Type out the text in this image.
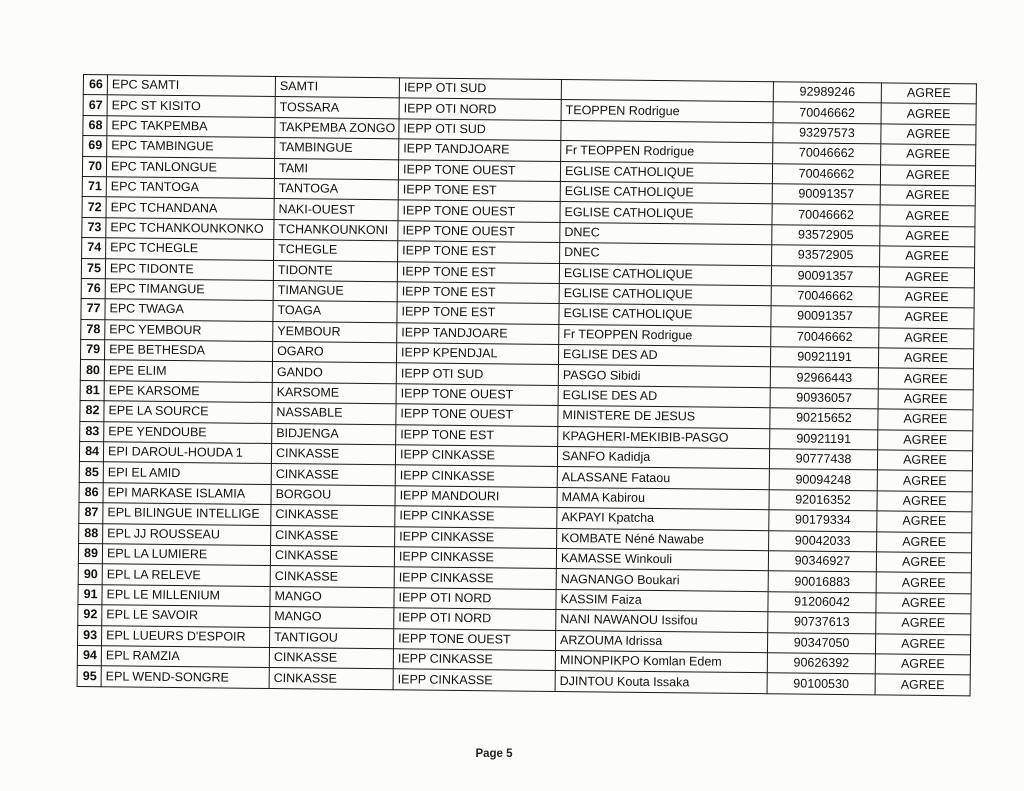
66	EPC SAMTI	SAMTI	IEPP OTI SUD		92989246	AGREE
67	EPC ST KISITO	TOSSARA	IEPP OTI NORD	TEOPPEN Rodrigue	70046662	AGREE
68	EPC TAKPEMBA	TAKPEMBA ZONGO	IEPP OTI SUD		93297573	AGREE
69	EPC TAMBINGUE	TAMBINGUE	IEPP TANDJOARE	Fr TEOPPEN Rodrigue	70046662	AGREE
70	EPC TANLONGUE	TAMI	IEPP TONE OUEST	EGLISE CATHOLIQUE	70046662	AGREE
71	EPC TANTOGA	TANTOGA	IEPP TONE EST	EGLISE CATHOLIQUE	90091357	AGREE
72	EPC TCHANDANA	NAKI-OUEST	IEPP TONE OUEST	EGLISE CATHOLIQUE	70046662	AGREE
73	EPC TCHANKOUNKONKO	TCHANKOUNKONI	IEPP TONE OUEST	DNEC	93572905	AGREE
74	EPC TCHEGLE	TCHEGLE	IEPP TONE EST	DNEC	93572905	AGREE
75	EPC TIDONTE	TIDONTE	IEPP TONE EST	EGLISE CATHOLIQUE	90091357	AGREE
76	EPC TIMANGUE	TIMANGUE	IEPP TONE EST	EGLISE CATHOLIQUE	70046662	AGREE
77	EPC TWAGA	TOAGA	IEPP TONE EST	EGLISE CATHOLIQUE	90091357	AGREE
78	EPC YEMBOUR	YEMBOUR	IEPP TANDJOARE	Fr TEOPPEN Rodrigue	70046662	AGREE
79	EPE BETHESDA	OGARO	IEPP KPENDJAL	EGLISE DES AD	90921191	AGREE
80	EPE ELIM	GANDO	IEPP OTI SUD	PASGO Sibidi	92966443	AGREE
81	EPE KARSOME	KARSOME	IEPP TONE OUEST	EGLISE DES AD	90936057	AGREE
82	EPE LA SOURCE	NASSABLE	IEPP TONE OUEST	MINISTERE DE JESUS	90215652	AGREE
83	EPE YENDOUBE	BIDJENGA	IEPP TONE EST	KPAGHERI-MEKIBIB-PASGO	90921191	AGREE
84	EPI DAROUL-HOUDA 1	CINKASSE	IEPP CINKASSE	SANFO Kadidja	90777438	AGREE
85	EPI EL AMID	CINKASSE	IEPP CINKASSE	ALASSANE Fataou	90094248	AGREE
86	EPI MARKASE ISLAMIA	BORGOU	IEPP MANDOURI	MAMA Kabirou	92016352	AGREE
87	EPL BILINGUE INTELLIGE	CINKASSE	IEPP CINKASSE	AKPAYI Kpatcha	90179334	AGREE
88	EPL JJ ROUSSEAU	CINKASSE	IEPP CINKASSE	KOMBATE Néné Nawabe	90042033	AGREE
89	EPL LA LUMIERE	CINKASSE	IEPP CINKASSE	KAMASSE Winkouli	90346927	AGREE
90	EPL LA RELEVE	CINKASSE	IEPP CINKASSE	NAGNANGO Boukari	90016883	AGREE
91	EPL LE MILLENIUM	MANGO	IEPP OTI NORD	KASSIM Faiza	91206042	AGREE
92	EPL LE SAVOIR	MANGO	IEPP OTI NORD	NANI NAWANOU Issifou	90737613	AGREE
93	EPL LUEURS D'ESPOIR	TANTIGOU	IEPP TONE OUEST	ARZOUMA Idrissa	90347050	AGREE
94	EPL RAMZIA	CINKASSE	IEPP CINKASSE	MINONPIKPO Komlan Edem	90626392	AGREE
95	EPL WEND-SONGRE	CINKASSE	IEPP CINKASSE	DJINTOU Kouta Issaka	90100530	AGREE
Page 5
